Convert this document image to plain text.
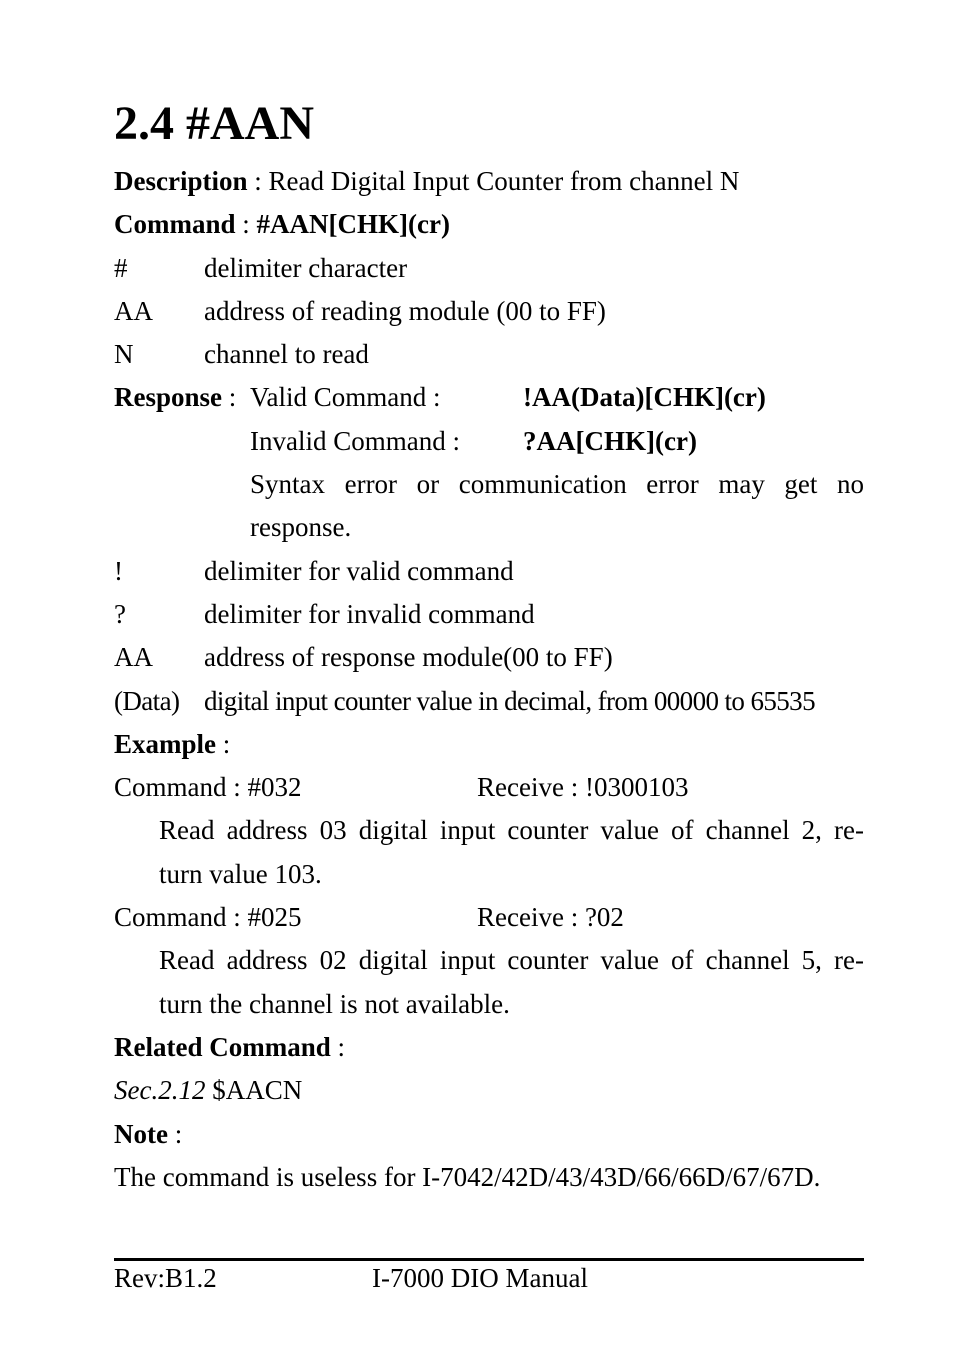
2.4 #AAN
Description : Read Digital Input Counter from channel N
Command : #AAN[CHK](cr)
#	delimiter character
AA address of reading module (00 to FF)
N	channel to read
Response :Valid Command :	!AA(Data)[CHK](cr)
Invalid Command : ?AA[CHK](cr)
Syntax error or communication error may get no
response.
!	delimiter for valid command
?	delimiter for invalid command
AA address of response module(00 to FF)
(Data) digital input counter value in decimal, from 00000 to 65535
Example :
Command : #032	Receive : !0300103
Read address 03 digital input counter value of channel 2, re-
turn value 103.
Command : #025	Receive : ?02
Read address 02 digital input counter value of channel 5, re-
turn the channel is not available.
Related Command :
Sec.2.12 $AACN
Note :
The command is useless for I-7042/42D/43/43D/66/66D/67/67D.
Rev:B1.2	I-7000 DIO Manual
